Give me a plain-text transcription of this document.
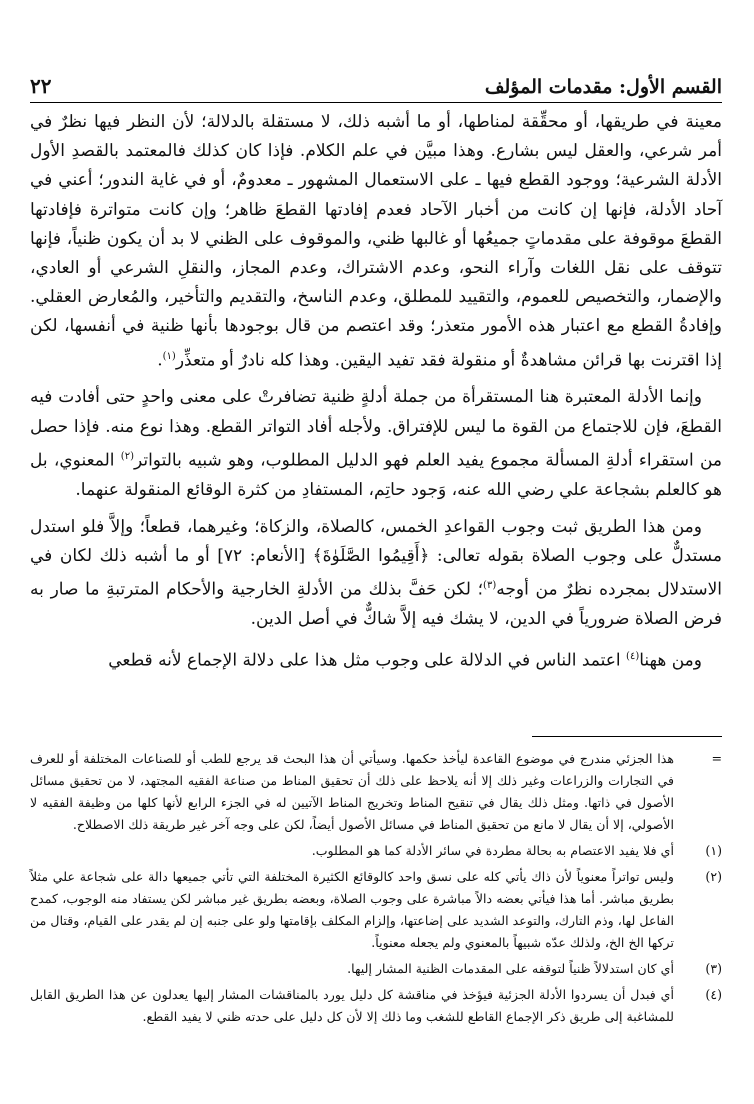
القسم الأول: مقدمات المؤلف
٢٢

معينة في طريقها، أو محقِّقة لمناطها، أو ما أشبه ذلك، لا مستقلة بالدلالة؛ لأن النظر فيها نظرٌ في أمر شرعي، والعقل ليس بشارع. وهذا مبيَّن في علم الكلام. فإذا كان كذلك فالمعتمد بالقصدِ الأول الأدلة الشرعية؛ ووجود القطع فيها ـ على الاستعمال المشهور ـ معدومٌ، أو في غاية الندور؛ أعني في آحاد الأدلة، فإنها إن كانت من أخبار الآحاد فعدم إفادتها القطعَ ظاهر؛ وإن كانت متواترة فإفادتها القطعَ موقوفة على مقدماتٍ جميعُها أو غالبها ظني، والموقوف على الظني لا بد أن يكون ظنياً، فإنها تتوقف على نقل اللغات وآراء النحو، وعدم الاشتراك، وعدم المجاز، والنقلِ الشرعي أو العادي، والإضمار، والتخصيص للعموم، والتقييد للمطلق، وعدم الناسخ، والتقديم والتأخير، والمُعارض العقلي. وإفادةُ القطع مع اعتبار هذه الأمور متعذر؛ وقد اعتصم من قال بوجودها بأنها ظنية في أنفسها، لكن إذا اقترنت بها قرائن مشاهدةٌ أو منقولة فقد تفيد اليقين. وهذا كله نادرٌ أو متعذِّر$^{(١)}$.

وإنما الأدلة المعتبرة هنا المستقرأة من جملة أدلةٍ ظنية تضافرتْ على معنى واحدٍ حتى أفادت فيه القطعَ، فإن للاجتماع من القوة ما ليس للإفتراق. ولأجله أفاد التواتر القطع. وهذا نوع منه. فإذا حصل من استقراء أدلةِ المسألة مجموع يفيد العلم فهو الدليل المطلوب، وهو شبيه بالتواتر$^{(٢)}$ المعنوي، بل هو كالعلم بشجاعة علي رضي الله عنه، وَجود حاتِم، المستفادِ من كثرة الوقائع المنقولة عنهما.

ومن هذا الطريق ثبت وجوب القواعدِ الخمس، كالصلاة، والزكاة؛ وغيرهما، قطعاً؛ وإلاَّ فلو استدل مستدلٌّ على وجوب الصلاة بقوله تعالى: ﴿أَقِيمُوا الصَّلَوٰةَ﴾ [الأنعام: ٧٢] أو ما أشبه ذلك لكان في الاستدلال بمجرده نظرٌ من أوجه$^{(٣)}$؛ لكن حَفَّ بذلك من الأدلةِ الخارجية والأحكام المترتبةِ ما صار به فرض الصلاة ضرورياً في الدين، لا يشك فيه إلاَّ شاكٌّ في أصل الدين.

ومن ههنا$^{(٤)}$ اعتمد الناس في الدلالة على وجوب مثل هذا على دلالة الإجماع لأنه قطعي

=
هذا الجزئي مندرج في موضوع القاعدة ليأخذ حكمها. وسيأتي أن هذا البحث قد يرجع للطب أو للصناعات المختلفة أو للعرف في التجارات والزراعات وغير ذلك إلا أنه يلاحظ على ذلك أن تحقيق المناط من صناعة الفقيه المجتهد، لا من تحقيق مسائل الأصول في ذاتها. ومثل ذلك يقال في تنقيح المناط وتخريج المناط الآتيين له في الجزء الرابع لأنها كلها من وظيفة الفقيه لا الأصولي، إلا أن يقال لا مانع من تحقيق المناط في مسائل الأصول أيضاً، لكن على وجه آخر غير طريقة ذلك الاصطلاح.
(١)
أي فلا يفيد الاعتصام به بحالة مطردة في سائر الأدلة كما هو المطلوب.
(٢)
وليس تواتراً معنوياً لأن ذاك يأتي كله على نسق واحد كالوقائع الكثيرة المختلفة التي تأتي جميعها دالة على شجاعة علي مثلاً بطريق مباشر. أما هذا فيأتي بعضه دالاً مباشرة على وجوب الصلاة، وبعضه بطريق غير مباشر لكن يستفاد منه الوجوب، كمدح الفاعل لها، وذم التارك، والتوعد الشديد على إضاعتها، وإلزام المكلف بإقامتها ولو على جنبه إن لم يقدر على القيام، وقتال من تركها الخ الخ، ولذلك عدّه شبيهاً بالمعنوي ولم يجعله معنوياً.
(٣)
أي كان استدلالاً ظنياً لتوقفه على المقدمات الظنية المشار إليها.
(٤)
أي فبدل أن يسردوا الأدلة الجزئية فيؤخذ في مناقشة كل دليل يورد بالمناقشات المشار إليها يعدلون عن هذا الطريق القابل للمشاغبة إلى طريق ذكر الإجماع القاطع للشغب وما ذلك إلا لأن كل دليل على حدته ظني لا يفيد القطع.
